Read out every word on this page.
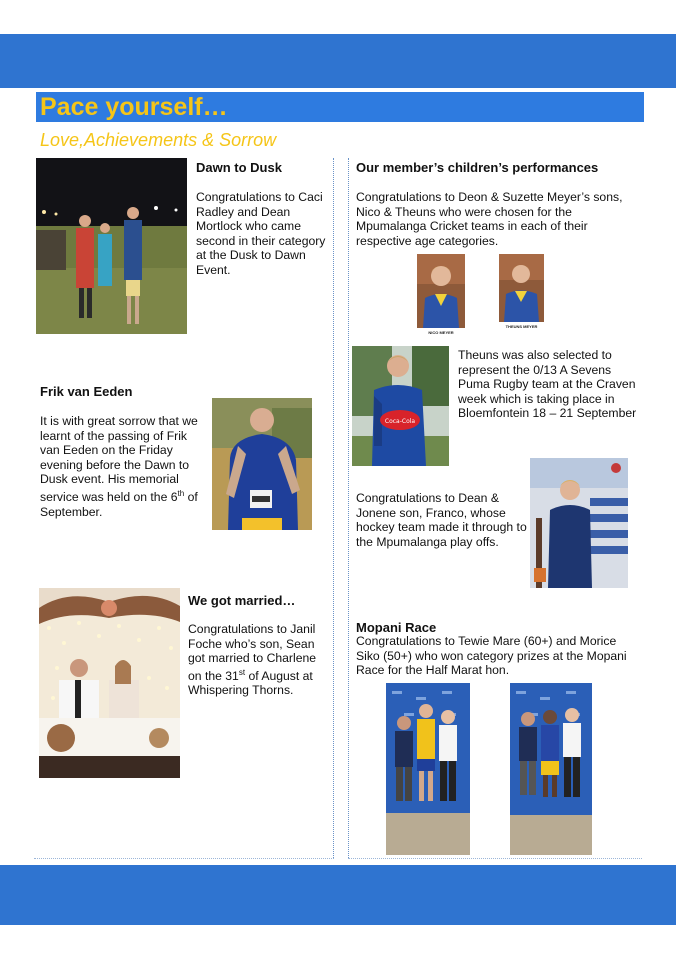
Pace yourself…
Love,Achievements & Sorrow
Dawn to Dusk
Congratulations to Caci Radley and Dean Mortlock who came second in their category at the Dusk to Dawn Event.
Frik van Eeden
It is with great sorrow that we learnt of the passing of Frik van Eeden on the Friday evening before the Dawn to Dusk event. His memorial service was held on the 6th of September.
We got married…
Congratulations to Janil Foche who’s son, Sean got married to Charlene on the 31st of August at Whispering Thorns.
Our member’s children’s performances
Congratulations to Deon & Suzette Meyer’s sons, Nico & Theuns who were chosen for the Mpumalanga Cricket teams in each of their respective age categories.
NICO MEYER
THEUNS MEYER
Coca-Cola
Theuns was also selected to represent the 0/13 A Sevens Puma Rugby team at the Craven week which is taking place in Bloemfontein 18 – 21 September
Congratulations to Dean & Jonene son, Franco, whose hockey team made it through to the Mpumalanga play offs.
Mopani Race
Congratulations to Tewie Mare (60+) and Morice Siko (50+) who won category prizes at the Mopani Race for the Half Marat hon.
